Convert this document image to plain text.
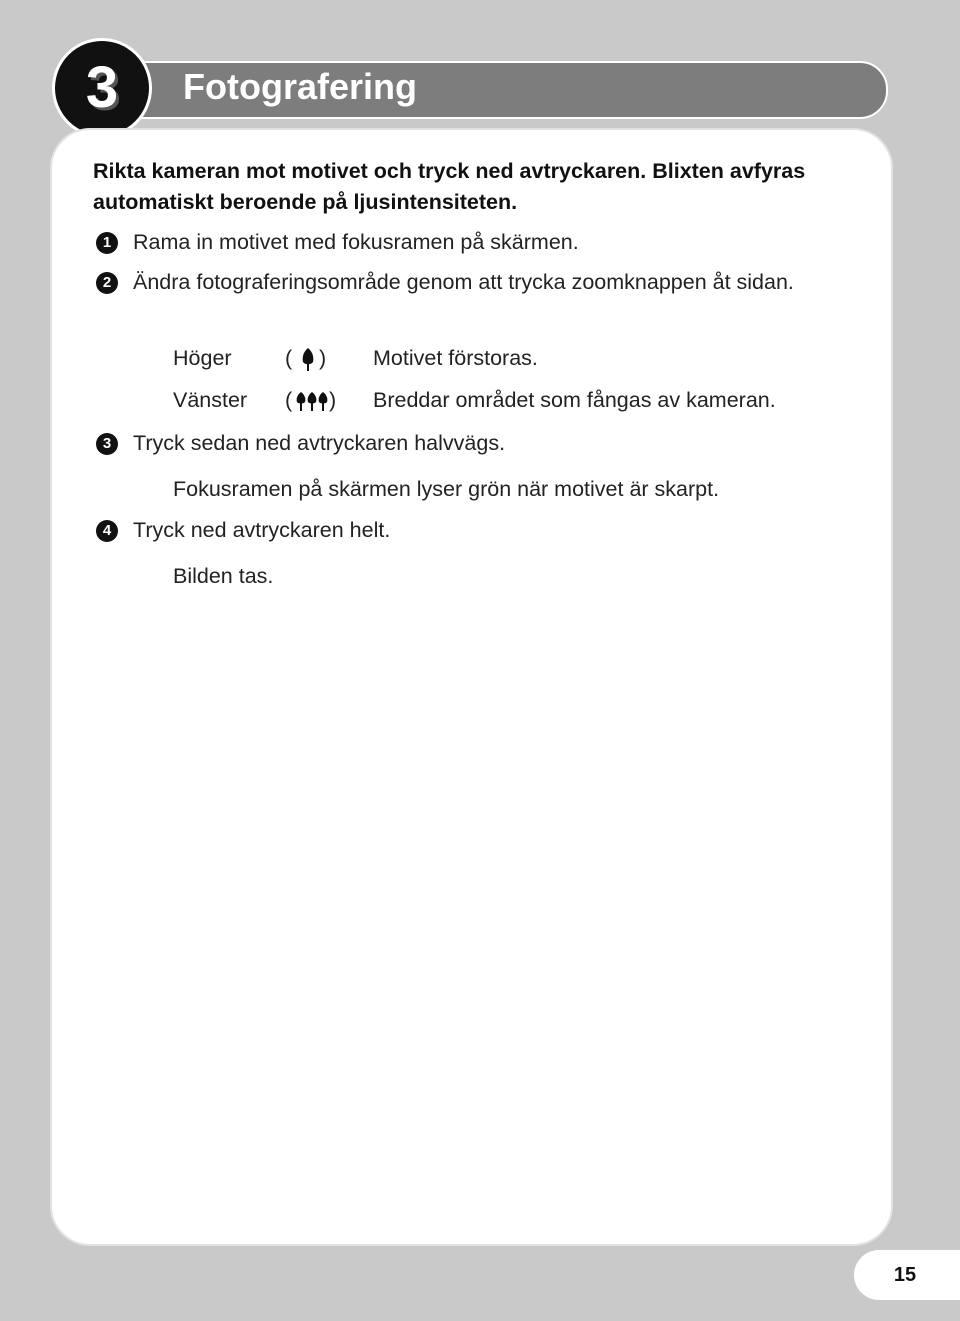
Fotografering
3
Rikta kameran mot motivet och tryck ned avtryckaren. Blixten avfyras automatiskt beroende på ljusintensiteten.
1	Rama in motivet med fokusramen på skärmen.
2	Ändra fotograferingsområde genom att trycka zoomknappen åt sidan.
Höger ( ) Motivet förstoras.
Vänster ( ) Breddar området som fångas av kameran.
3	Tryck sedan ned avtryckaren halvvägs.
Fokusramen på skärmen lyser grön när motivet är skarpt.
4	Tryck ned avtryckaren helt.
Bilden tas.
15
